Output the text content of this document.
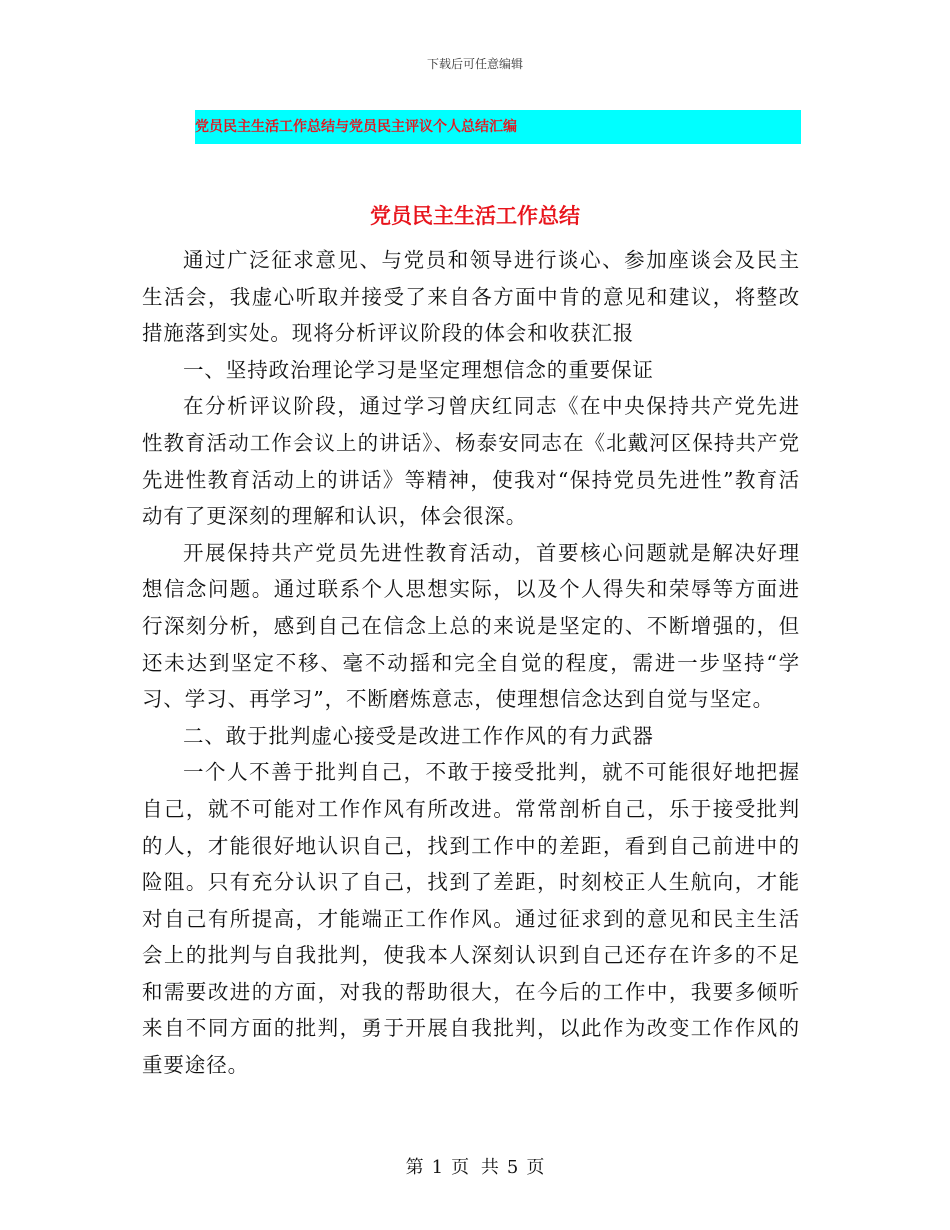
下载后可任意编辑
党员民主生活工作总结与党员民主评议个人总结汇编
党员民主生活工作总结

通过广泛征求意见、与党员和领导进行谈心、参加座谈会及民主生活会，我虚心听取并接受了来自各方面中肯的意见和建议，将整改措施落到实处。现将分析评议阶段的体会和收获汇报

一、坚持政治理论学习是坚定理想信念的重要保证

在分析评议阶段，通过学习曾庆红同志《在中央保持共产党先进性教育活动工作会议上的讲话》、杨泰安同志在《北戴河区保持共产党先进性教育活动上的讲话》等精神，使我对“保持党员先进性”教育活动有了更深刻的理解和认识，体会很深。

开展保持共产党员先进性教育活动，首要核心问题就是解决好理想信念问题。通过联系个人思想实际，以及个人得失和荣辱等方面进行深刻分析，感到自己在信念上总的来说是坚定的、不断增强的，但还未达到坚定不移、毫不动摇和完全自觉的程度，需进一步坚持“学习、学习、再学习”，不断磨炼意志，使理想信念达到自觉与坚定。

二、敢于批判虚心接受是改进工作作风的有力武器

一个人不善于批判自己，不敢于接受批判，就不可能很好地把握自己，就不可能对工作作风有所改进。常常剖析自己，乐于接受批判的人，才能很好地认识自己，找到工作中的差距，看到自己前进中的险阻。只有充分认识了自己，找到了差距，时刻校正人生航向，才能对自己有所提高，才能端正工作作风。通过征求到的意见和民主生活会上的批判与自我批判，使我本人深刻认识到自己还存在许多的不足和需要改进的方面，对我的帮助很大，在今后的工作中，我要多倾听来自不同方面的批判，勇于开展自我批判，以此作为改变工作作风的重要途径。

第 1 页 共 5 页
